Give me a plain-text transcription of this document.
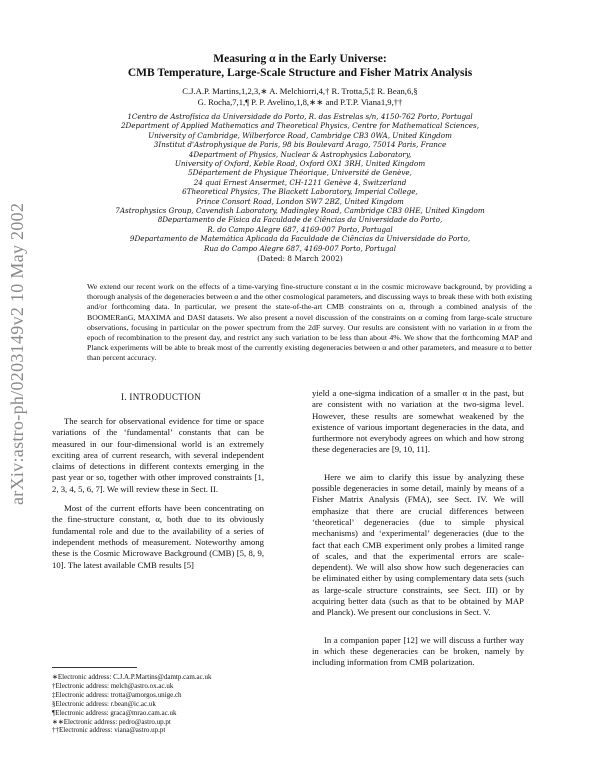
arXiv:astro-ph/0203149v2 10 May 2002
Measuring α in the Early Universe:
CMB Temperature, Large-Scale Structure and Fisher Matrix Analysis
C.J.A.P. Martins,1,2,3,∗ A. Melchiorri,4,† R. Trotta,5,‡ R. Bean,6,§
G. Rocha,7,1,¶ P. P. Avelino,1,8,∗∗ and P.T.P. Viana1,9,††
1Centro de Astrofísica da Universidade do Porto, R. das Estrelas s/n, 4150-762 Porto, Portugal
2Department of Applied Mathematics and Theoretical Physics, Centre for Mathematical Sciences,
University of Cambridge, Wilberforce Road, Cambridge CB3 0WA, United Kingdom
3Institut d'Astrophysique de Paris, 98 bis Boulevard Arago, 75014 Paris, France
4Department of Physics, Nuclear & Astrophysics Laboratory,
University of Oxford, Keble Road, Oxford OX1 3RH, United Kingdom
5Département de Physique Théorique, Université de Genève,
24 quai Ernest Ansermet, CH-1211 Genève 4, Switzerland
6Theoretical Physics, The Blackett Laboratory, Imperial College,
Prince Consort Road, London SW7 2BZ, United Kingdom
7Astrophysics Group, Cavendish Laboratory, Madingley Road, Cambridge CB3 0HE, United Kingdom
8Departamento de Física da Faculdade de Ciências da Universidade do Porto,
R. do Campo Alegre 687, 4169-007 Porto, Portugal
9Departamento de Matemática Aplicada da Faculdade de Ciências da Universidade do Porto,
Rua do Campo Alegre 687, 4169-007 Porto, Portugal
(Dated: 8 March 2002)
We extend our recent work on the effects of a time-varying fine-structure constant α in the cosmic microwave background, by providing a thorough analysis of the degeneracies between α and the other cosmological parameters, and discussing ways to break these with both existing and/or forthcoming data. In particular, we present the state-of-the-art CMB constraints on α, through a combined analysis of the BOOMERanG, MAXIMA and DASI datasets. We also present a novel discussion of the constraints on α coming from large-scale structure observations, focusing in particular on the power spectrum from the 2dF survey. Our results are consistent with no variation in α from the epoch of recombination to the present day, and restrict any such variation to be less than about 4%. We show that the forthcoming MAP and Planck experiments will be able to break most of the currently existing degeneracies between α and other parameters, and measure α to better than percent accuracy.
I. INTRODUCTION

The search for observational evidence for time or space variations of the ‘fundamental’ constants that can be measured in our four-dimensional world is an extremely exciting area of current research, with several independent claims of detections in different contexts emerging in the past year or so, together with other improved constraints [1, 2, 3, 4, 5, 6, 7]. We will review these in Sect. II.

Most of the current efforts have been concentrating on the fine-structure constant, α, both due to its obviously fundamental role and due to the availability of a series of independent methods of measurement. Noteworthy among these is the Cosmic Microwave Background (CMB) [5, 8, 9, 10]. The latest available CMB results [5]

∗Electronic address: C.J.A.P.Martins@damtp.cam.ac.uk
†Electronic address: melch@astro.ox.ac.uk
‡Electronic address: trotta@amorgos.unige.ch
§Electronic address: r.bean@ic.ac.uk
¶Electronic address: graca@mrao.cam.ac.uk
∗∗Electronic address: pedro@astro.up.pt
††Electronic address: viana@astro.up.pt

yield a one-sigma indication of a smaller α in the past, but are consistent with no variation at the two-sigma level. However, these results are somewhat weakened by the existence of various important degeneracies in the data, and furthermore not everybody agrees on which and how strong these degeneracies are [9, 10, 11].

Here we aim to clarify this issue by analyzing these possible degeneracies in some detail, mainly by means of a Fisher Matrix Analysis (FMA), see Sect. IV. We will emphasize that there are crucial differences between ‘theoretical’ degeneracies (due to simple physical mechanisms) and ‘experimental’ degeneracies (due to the fact that each CMB experiment only probes a limited range of scales, and that the experimental errors are scale-dependent). We will also show how such degeneracies can be eliminated either by using complementary data sets (such as large-scale structure constraints, see Sect. III) or by acquiring better data (such as that to be obtained by MAP and Planck). We present our conclusions in Sect. V.

In a companion paper [12] we will discuss a further way in which these degeneracies can be broken, namely by including information from CMB polarization.
